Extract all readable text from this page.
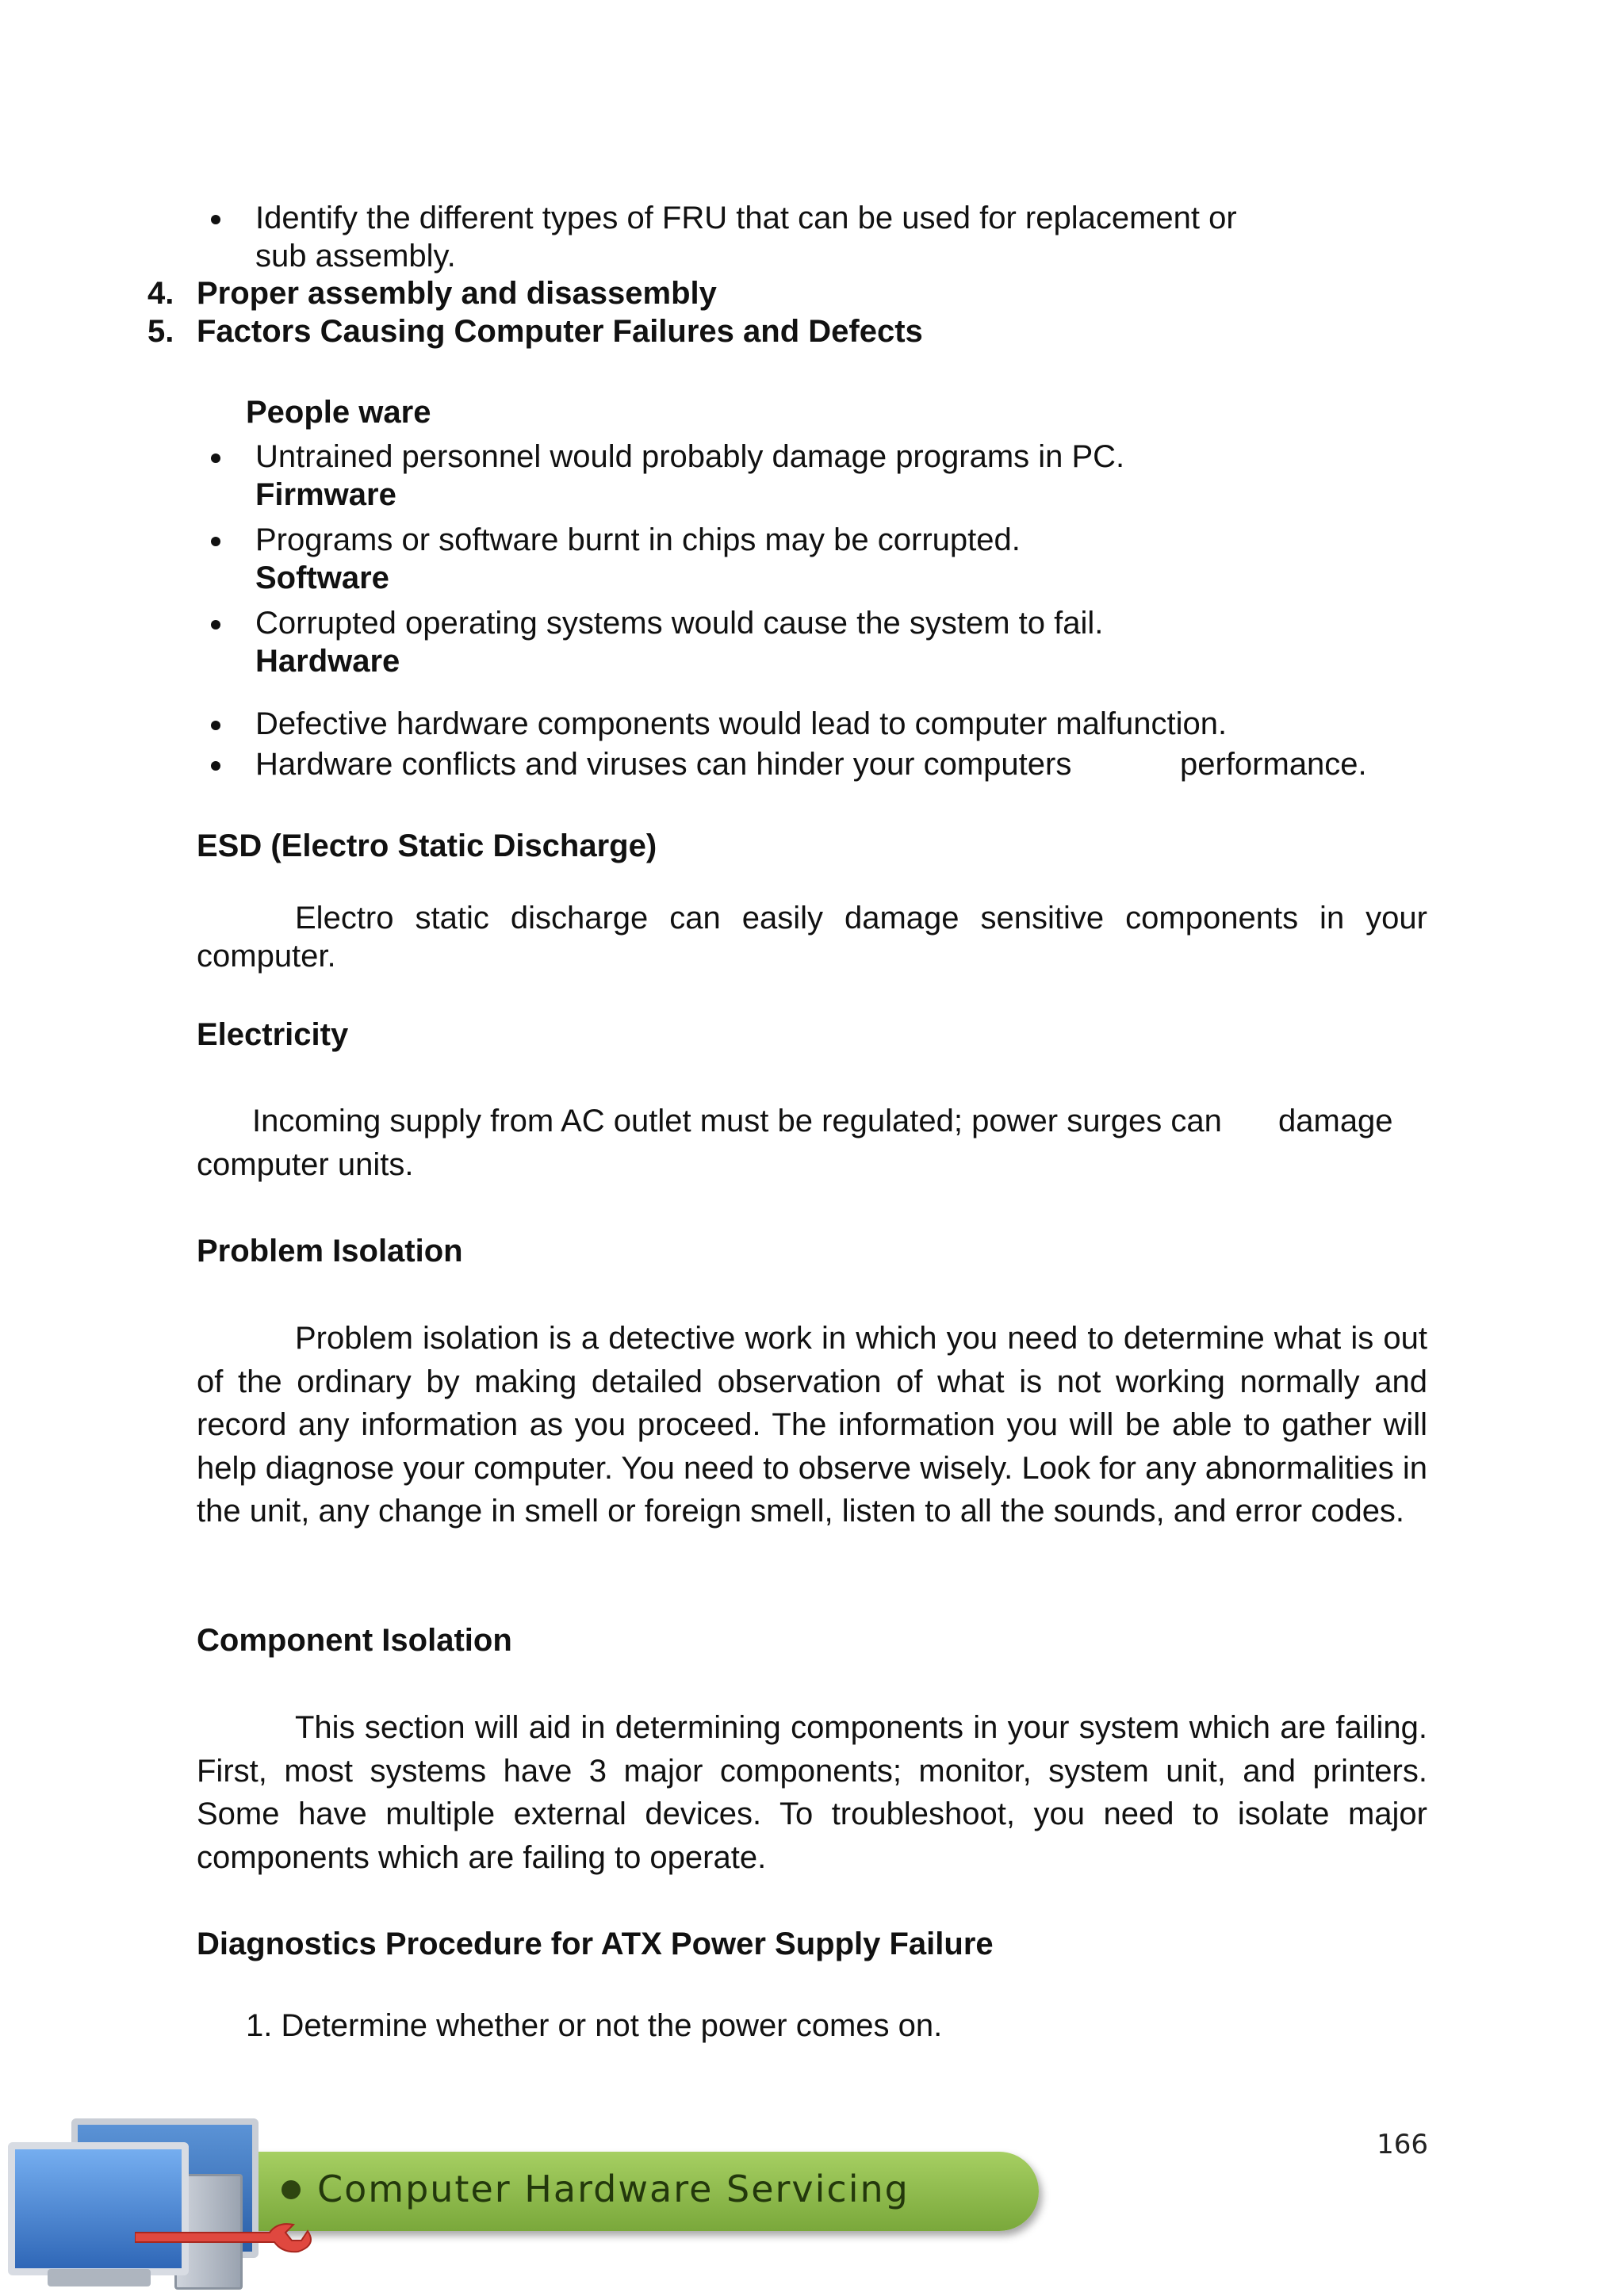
Identify the different types of FRU that can be used for replacement or

sub assembly.

4. Proper assembly and disassembly

5. Factors Causing Computer Failures and Defects

People ware

Untrained personnel would probably damage programs in PC.

Firmware

Programs or software burnt in chips may be corrupted.

Software

Corrupted operating systems would cause the system to fail.

Hardware

Defective hardware components would lead to computer malfunction.

Hardware conflicts and viruses can hinder your computers	performance.

ESD (Electro Static Discharge)

Electro static discharge can easily damage sensitive components in your computer.

Electricity

Incoming supply from AC outlet must be regulated; power surges can damage

computer units.

Problem Isolation

Problem isolation is a detective work in which you need to determine what is out of the ordinary by making detailed observation of what is not working normally and record any information as you proceed. The information you will be able to gather will help diagnose your computer. You need to observe wisely. Look for any abnormalities in the unit, any change in smell or foreign smell, listen to all the sounds, and error codes.

Component Isolation

This section will aid in determining components in your system which are failing. First, most systems have 3 major components; monitor, system unit, and printers. Some have multiple external devices. To troubleshoot, you need to isolate major components which are failing to operate.

Diagnostics Procedure for ATX Power Supply Failure

1. Determine whether or not the power comes on.

166

Computer Hardware Servicing
